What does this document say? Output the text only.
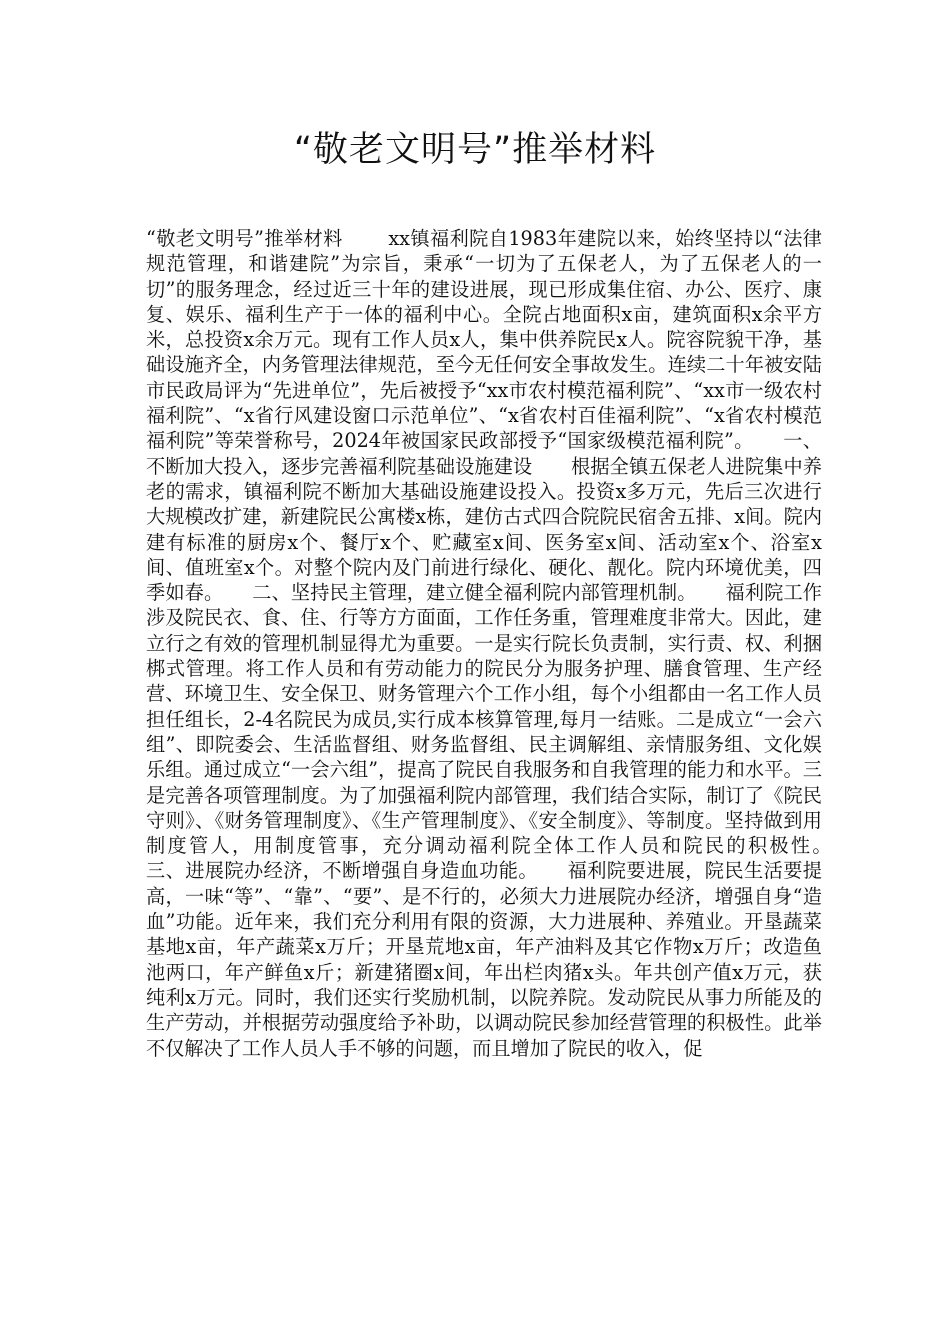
“敬老文明号”推举材料

“敬老文明号”推举材料　　 xx镇福利院自1983年建院以来，始终坚持以“法律规范管理，和谐建院”为宗旨，秉承“一切为了五保老人，为了五保老人的一切”的服务理念，经过近三十年的建设进展，现已形成集住宿、办公、医疗、康复、娱乐、福利生产于一体的福利中心。全院占地面积x亩，建筑面积x余平方米，总投资x余万元。现有工作人员x人，集中供养院民x人。院容院貌干净，基础设施齐全，内务管理法律规范，至今无任何安全事故发生。连续二十年被安陆市民政局评为“先进单位”，先后被授予“xx市农村模范福利院”、“xx市一级农村福利院”、“x省行风建设窗口示范单位”、“x省农村百佳福利院”、“x省农村模范福利院”等荣誉称号，2024年被国家民政部授予“国家级模范福利院”。　　一、不断加大投入，逐步完善福利院基础设施建设　　根据全镇五保老人进院集中养老的需求，镇福利院不断加大基础设施建设投入。投资x多万元，先后三次进行大规模改扩建，新建院民公寓楼x栋，建仿古式四合院院民宿舍五排、x间。院内建有标准的厨房x个、餐厅x个、贮藏室x间、医务室x间、活动室x个、浴室x间、值班室x个。对整个院内及门前进行绿化、硬化、靓化。院内环境优美，四季如春。　　二、坚持民主管理，建立健全福利院内部管理机制。　　福利院工作涉及院民衣、食、住、行等方方面面，工作任务重，管理难度非常大。因此，建立行之有效的管理机制显得尤为重要。一是实行院长负责制，实行责、权、利捆梆式管理。将工作人员和有劳动能力的院民分为服务护理、膳食管理、生产经营、环境卫生、安全保卫、财务管理六个工作小组，每个小组都由一名工作人员担任组长，2-4名院民为成员,实行成本核算管理,每月一结账。二是成立“一会六组”、即院委会、生活监督组、财务监督组、民主调解组、亲情服务组、文化娱乐组。通过成立“一会六组”，提高了院民自我服务和自我管理的能力和水平。三是完善各项管理制度。为了加强福利院内部管理，我们结合实际，制订了《院民守则》、《财务管理制度》、《生产管理制度》、《安全制度》、等制度。坚持做到用制度管人，用制度管事，充分调动福利院全体工作人员和院民的积极性。　　三、进展院办经济，不断增强自身造血功能。　　福利院要进展，院民生活要提高，一味“等”、“靠”、“要”、是不行的，必须大力进展院办经济，增强自身“造血”功能。近年来，我们充分利用有限的资源，大力进展种、养殖业。开垦蔬菜基地x亩，年产蔬菜x万斤；开垦荒地x亩，年产油料及其它作物x万斤；改造鱼池两口，年产鲜鱼x斤；新建猪圈x间，年出栏肉猪x头。年共创产值x万元，获纯利x万元。同时，我们还实行奖励机制，以院养院。发动院民从事力所能及的生产劳动，并根据劳动强度给予补助，以调动院民参加经营管理的积极性。此举不仅解决了工作人员人手不够的问题，而且增加了院民的收入，促
